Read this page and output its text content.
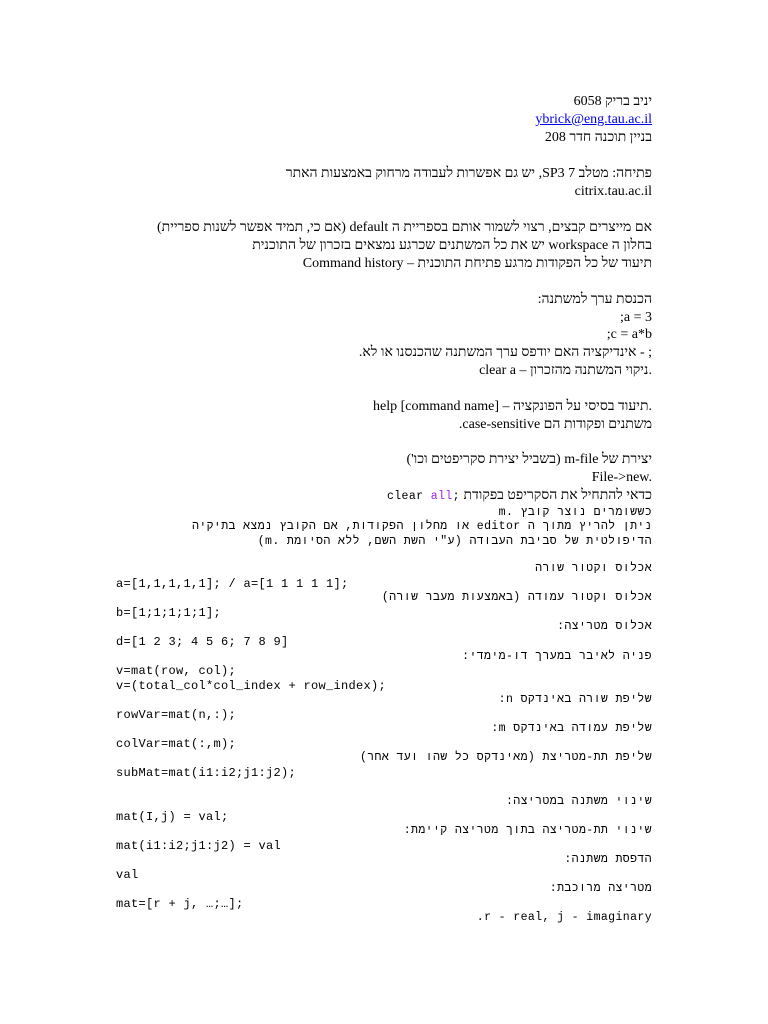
יניב בריק 6058
ybrick@eng.tau.ac.il
בניין תוכנה חדר 208
פתיחה: מטלב SP3 7, יש גם אפשרות לעבודה מרחוק באמצעות האתר
citrix.tau.ac.il
אם מייצרים קבצים, רצוי לשמור אותם בספריית ה default (אם כי, תמיד אפשר לשנות ספריית)
בחלון ה workspace יש את כל המשתנים שכרגע נמצאים בזכרון של התוכנית
Command history – תיעוד של כל הפקודות מרגע פתיחת התוכנית
הכנסת ערך למשתנה:
;a = 3
;c = a*b
; - אינדיקציה האם יודפס ערך המשתנה שהכנסנו או לא.
clear a – ניקוי המשתנה מהזכרון.
help [command name] – תיעוד בסיסי על הפונקציה.
משתנים ופקודות הם case-sensitive.
יצירת של m-file (בשביל יצירת סקריפטים וכו')
File->new.
כדאי להתחיל את הסקריפט בפקודת clear all;
כששומרים נוצר קובץ .m
ניתן להריץ מתוך ה editor או מחלון הפקודות, אם הקובץ נמצא בתיקיה
הדיפולטית של סביבת העבודה (ע"י השת השם, ללא הסיומת .m)
אכלוס וקטור שורה
a=[1,1,1,1,1]; / a=[1 1 1 1 1];
אכלוס וקטור עמודה (באמצעות מעבר שורה)
b=[1;1;1;1;1];
אכלוס מטריצה:
d=[1 2 3; 4 5 6; 7 8 9]
פניה לאיבר במערך דו-מימדי:
v=mat(row, col);
v=(total_col*col_index + row_index);
שליפת שורה באינדקס n:
rowVar=mat(n,:);
שליפת עמודה באינדקס m:
colVar=mat(:,m);
שליפת תת-מטריצת (מאינדקס כל שהו ועד אחר)
subMat=mat(i1:i2;j1:j2);
שינוי משתנה במטריצה:
mat(I,j) = val;
שינוי תת-מטריצה בתוך מטריצה קיימת:
mat(i1:i2;j1:j2) = val
הדפסת משתנה:
val
מטריצה מרוכבת:
mat=[r + j, …;…];
.r - real, j - imaginary
